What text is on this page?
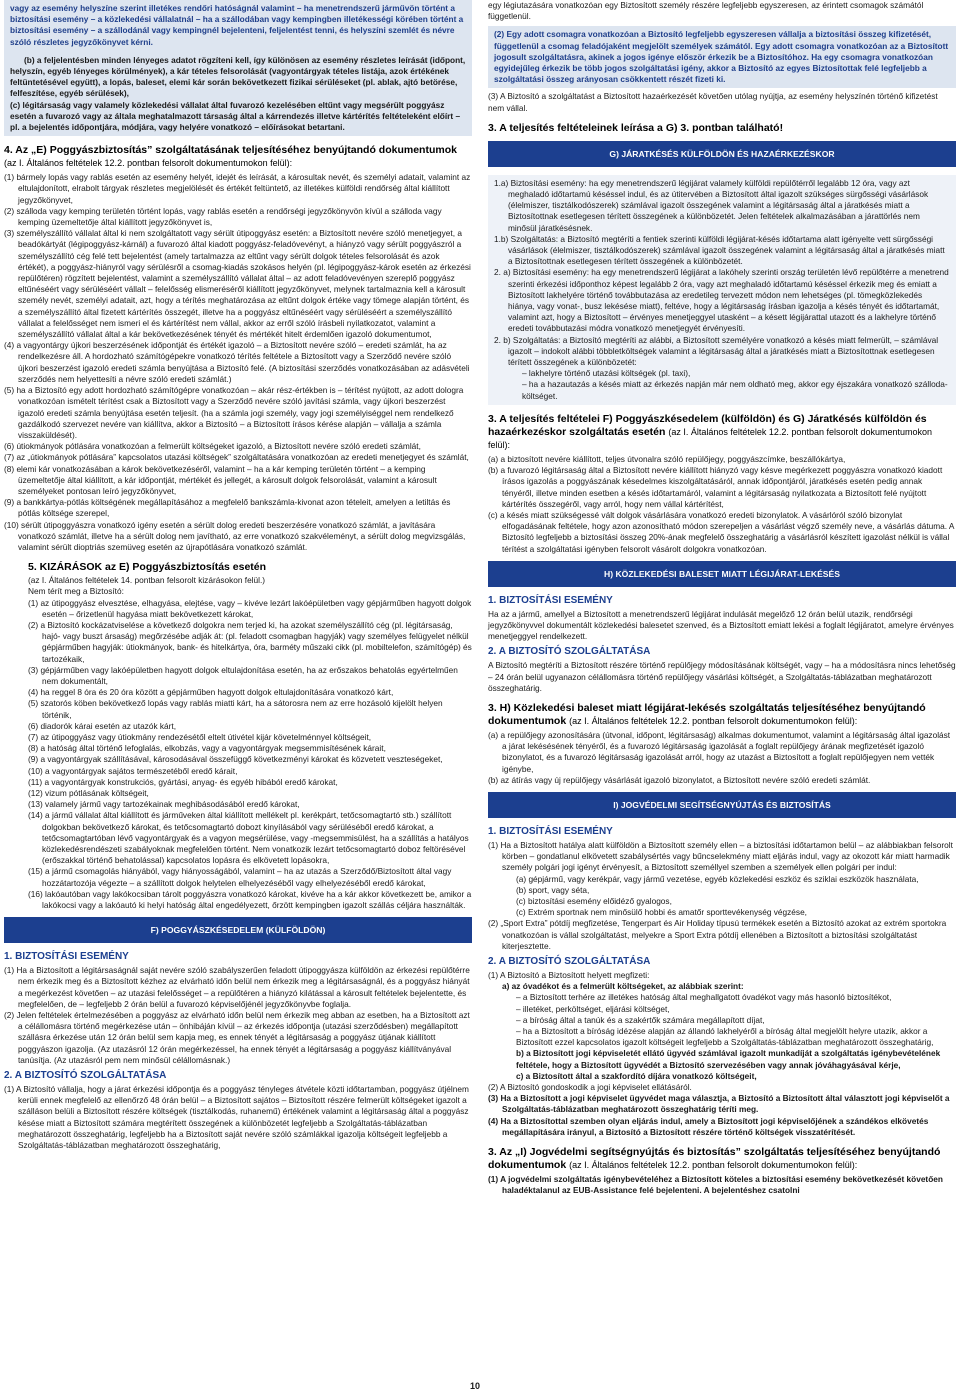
vagy az esemény helyszíne szerint illetékes rendőri hatóságnál valamint – ha menetrendszerű járművön történt a biztosítási esemény – a közlekedési vállalatnál – ha a szállodában vagy kempingben illetékességi körében történt a biztosítási esemény – a szállodánál vagy kempingnél bejelenteni, feljelentést tenni, és helyszíni szemlét és névre szóló részletes jegyzőkönyvet kérni.

(b) a feljelentésben minden lényeges adatot rögzíteni kell, így különösen az esemény részletes leírását (időpont, helyszín, egyéb lényeges körülmények), a kár tételes felsorolását (vagyontárgyak tételes listája, azok értékének feltüntetésével együtt), a lopás, baleset, elemi kár során bekövetkezett fizikai sérüléseket (pl. ablak, ajtó betörése, felfeszítése, egyéb sérülések),

(c) légitársaság vagy valamely közlekedési vállalat által fuvarozó kezelésében eltűnt vagy megsérült poggyász esetén a fuvarozó vagy az általa meghatalmazott társaság által a kárrendezés illetve kártérítés feltételeként előírt – pl. a bejelentés időpontjára, módjára, vagy helyére vonatkozó – előírásokat betartani.

4. Az „E) Poggyászbiztosítás” szolgáltatásának teljesítéséhez benyújtandó dokumentumok (az I. Általános feltételek 12.2. pontban felsorolt dokumentumokon felül):

(1) bármely lopás vagy rablás esetén az esemény helyét, idejét és leírását, a károsultak nevét, és személyi adatait, valamint az eltulajdonított, elrabolt tárgyak részletes megjelölését és értékét feltüntető, az illetékes külföldi rendőrség által kiállított jegyzőkönyvet,

(2) szálloda vagy kemping területén történt lopás, vagy rablás esetén a rendőrségi jegyzőkönyvön kívül a szálloda vagy kemping üzemeltetője által kiállított jegyzőkönyvet is,

(3) személyszállító vállalat által ki nem szolgáltatott vagy sérült útipoggyász esetén: a Biztosított nevére szóló menetjegyet, a beadókártyát (légipoggyász-kárnál) a fuvarozó által kiadott poggyász-feladóvevényt, a hiányzó vagy sérült poggyászról a személyszállító cég felé tett bejelentést (amely tartalmazza az eltűnt vagy sérült dolgok tételes felsorolását és azok értékét), a poggyász-hiányról vagy sérülésről a csomag-kiadás szokásos helyén (pl. légipoggyász-károk esetén az érkezési repülőtéren) rögzített bejelentést, valamint a személyszállító vállalat által – az adott feladóvevényen szereplő poggyász eltűnéséért vagy sérüléséért vállalt – felelősség elismeréséről kiállított jegyzőkönyvet, melynek tartalmaznia kell a károsult személy nevét, személyi adatait, azt, hogy a térítés meghatározása az eltűnt dolgok értéke vagy tömege alapján történt, és a személyszállító által fizetett kártérítés összegét, illetve ha a poggyász eltűnéséért vagy sérüléséért a személyszállító vállalat a felelősséget nem ismeri el és kártérítést nem vállal, akkor az erről szóló írásbeli nyilatkozatot, valamint a személyszállító vállalat által a kár bekövetkezésének tényét és mértékét hitelt érdemlően igazoló dokumentumot,

(4) a vagyontárgy újkori beszerzésének időpontját és értékét igazoló – a Biztosított nevére szóló – eredeti számlát, ha az rendelkezésre áll. A hordozható számítógépekre vonatkozó térítés feltétele a Biztosított vagy a Szerződő nevére szóló újkori beszerzést igazoló eredeti számla benyújtása a Biztosító felé. (A biztosítási szerződés vonatkozásában az adásvételi szerződés nem helyettesíti a névre szóló eredeti számlát.)

(5) ha a Biztosító egy adott hordozható számítógépre vonatkozóan – akár rész-értékben is – térítést nyújtott, az adott dologra vonatkozóan ismételt térítést csak a Biztosított vagy a Szerződő nevére szóló javítási számla, vagy újkori beszerzést igazoló eredeti számla benyújtása esetén teljesít. (ha a számla jogi személy, vagy jogi személyiséggel nem rendelkező gazdálkodó szervezet nevére van kiállítva, akkor a Biztosító – a Biztosított írásos kérése alapján – vállalja a számla visszaküldését).

(6) útiokmányok pótlására vonatkozóan a felmerült költségeket igazoló, a Biztosított nevére szóló eredeti számlát,

(7) az „útiokmányok pótlására” kapcsolatos utazási költségek” szolgáltatására vonatkozóan az eredeti menetjegyet és számlát,

(8) elemi kár vonatkozásában a károk bekövetkezéséről, valamint – ha a kár kemping területén történt – a kemping üzemeltetője által kiállított, a kár időpontját, mértékét és jellegét, a károsult dolgok felsorolását, valamint a károsult személyeket pontosan leíró jegyzőkönyvet,

(9) a bankkártya-pótlás költségének megállapításához a megfelelő bankszámla-kivonat azon tételeit, amelyen a letiltás és pótlás költsége szerepel,

(10) sérült útipoggyászra vonatkozó igény esetén a sérült dolog eredeti beszerzésére vonatkozó számlát, a javítására vonatkozó számlát, illetve ha a sérült dolog nem javítható, az erre vonatkozó szakvéleményt, a sérült dolog megvizsgálás, valamint sérült dioptriás szemüveg esetén az újrapótlására vonatkozó számlát.

5. KIZÁRÁSOK az E) Poggyászbiztosítás esetén

(az I. Általános feltételek 14. pontban felsorolt kizárásokon felül.)

Nem térít meg a Biztosító:

(1) az útipoggyász elvesztése, elhagyása, elejtése, vagy – kivéve lezárt lakóépületben vagy gépjárműben hagyott dolgok esetén – őrizetlenül hagyása miatt bekövetkezett károkat,

(2) a Biztosító kockázatviselése a következő dolgokra nem terjed ki, ha azokat személyszállító cég (pl. légitársaság, hajó- vagy buszt ársaság) megőrzésébe adják át: (pl. feladott csomagban hagyják) vagy személyes felügyelet nélkül gépjárműben hagyják: útiokmányok, bank- és hitelkártya, óra, barméty műszaki cikk (pl. mobiltelefon, számítógép) és tartozékaik,

(3) gépjárműben vagy lakóépületben hagyott dolgok eltulajdonítása esetén, ha az erőszakos behatolás egyértelműen nem dokumentált,

(4) ha reggel 8 óra és 20 óra között a gépjárműben hagyott dolgok eltulajdonítására vonatkozó kárt,

(5) szatorós köben bekövetkező lopás vagy rablás miatti kárt, ha a sátorosra nem az erre hozásoló kijelölt helyen történik,

(6) diadorók kárai esetén az utazók kárt,

(7) az útipoggyász vagy útiokmány rendezésétől eltelt útivétel kijár követelménnyel költségeit,

(8) a hatóság által történő lefoglalás, elkobzás, vagy a vagyontárgyak megsemmisítésének kárait,

(9) a vagyontárgyak szállításával, károsodásával összefüggő következményi károkat és közvetett veszteségeket,

(10) a vagyontárgyak sajátos természetéből eredő kárait,

(11) a vagyontárgyak konstrukciós, gyártási, anyag- és egyéb hibából eredő károkat,

(12) vizum pótlásának költségeit,

(13) valamely jármű vagy tartozékainak meghibásodásából eredő károkat,

(14) a jármű vállalat által kiállított és járműveken által kiállított mellékelt pl. kerékpárt, tetőcsomagtartó stb.) szállított dolgokban bekövetkező károkat, és tetőcsomagtartó dobozt kinyílásából vagy sérüléséből eredő károkat, a tetőcsomagtartóban lévő vagyontárgyak és a vagyon megsérülése, vagy -megsemmisülést, ha a szállítás a hatályos közlekedésrendészeti szabályoknak megfelelően történt. Nem vonatkozik lezárt tetőcsomagtartó doboz feltörésével (erőszakkal történő behatolással) kapcsolatos lopásra és elkövetett lopásokra,

(15) a jármű csomagolás hiányából, vagy hiányosságából, valamint – ha az utazás a Szerződő/Biztosított által vagy hozzátartozója végezte – a szállított dolgok helytelen elhelyezéséből vagy elhelyezéséből eredő károkat,

(16) lakóautóban vagy lakókocsiban tárolt poggyászra vonatkozó károkat, kivéve ha a kár akkor következett be, amikor a lakókocsi vagy a lakóautó ki helyi hatóság által engedélyezett, őrzött kempingben igazolt szállás céljára használták.

F) POGGYÁSZKÉSEDELEM (KÜLFÖLDÖN)

1. BIZTOSÍTÁSI ESEMÉNY

(1) Ha a Biztosított a légitársaságnál saját nevére szóló szabályszerűen feladott útipoggyásza külföldön az érkezési repülőtérre nem érkezik meg és a Biztosított kézhez az elvárható időn belül nem érkezik meg a légitársaságnál, és a poggyász hiányát a megérkezést követően – az utazási felelősséget – a repülőtéren a hiányzó kilátással a károsult feltételek bejelentette, és megfelelően, de – legfeljebb 2 órán belül a fuvarozó képviselőjénél jegyzőkönyvbe foglalja.

(2) Jelen feltételek értelmezésében a poggyász az elvárható időn belül nem érkezik meg abban az esetben, ha a Biztosított azt a célállomásra történő megérkezése után – önhibáján kívül – az érkezés időpontja (utazási szerződésben) megállapított szállásra érkezése után 12 órán belül sem kapja meg, es ennek tényét a légitársaság a poggyász útjának kiállított poggyászon igazolja. (Az utazásról 12 órán megérkezéssel, ha ennek tényét a légitársaság a poggyász kiállítványával tanúsítja. (Az utazásról pem nem minősül célállomásnak.)

2. A BIZTOSÍTÓ SZOLGÁLTATÁSA

(1) A Biztosító vállalja, hogy a járat érkezési időpontja és a poggyász tényleges átvétele közti időtartamban, poggyász útjélnem kerüli ennek megfelelő az ellenőrző 48 órán belül – a Biztosított sajátos – Biztosított részére felmerült költségeket igazolt a szálláson belüli a Biztosított részére költségek (tisztálkodás, ruhanemű) értékének valamint a légitársaság által a poggyász késése miatt a Biztosított számára megtérített összegének a különbözetét legfeljebb a Szolgáltatás-táblázatban meghatározott összeghatárig, legfeljebb ha a Biztosított saját nevére szóló számlákkal igazolja költségeit legfeljebb a Szolgáltatás-táblázatban meghatározott összeghatárig,

egy légiutazására vonatkozóan egy Biztosított személy részére legfeljebb egyszeresen, az érintett csomagok számától függetlenül.

(2) Egy adott csomagra vonatkozóan a Biztosító legfeljebb egyszeresen vállalja a biztosítási összeg kifizetését, függetlenül a csomag feladójaként megjelölt személyek számától. Egy adott csomagra vonatkozóan az a Biztosított jogosult szolgáltatásra, akinek a jogos igénye először érkezik be a Biztosítóhoz. Ha egy csomagra vonatkozóan egyidejűleg érkezik be több jogos szolgáltatási igény, akkor a Biztosító az egyes Biztosítottak felé legfeljebb a szolgáltatási összeg arányosan csökkentett részét fizeti ki.

(3) A Biztosító a szolgáltatást a Biztosított hazaérkezését követően utólag nyújtja, az esemény helyszínén történő kifizetést nem vállal.

3. A teljesítés feltételeinek leírása a G) 3. pontban található!

G) JÁRATKÉSÉS KÜLFÖLDÖN ÉS HAZAÉRKEZÉSKOR

1.a) Biztosítási esemény: ha egy menetrendszerű légijárat valamely külföldi repülőtérről legalább 12 óra, vagy azt meghaladó időtartamú késéssel indul, és az útitervében a Biztosított által igazolt szükséges sürgősségi vásárlások (élelmiszer, tisztálkodószerek) számlával igazolt összegének valamint a légitársaság által a járatkésés miatt a Biztosítottnak esetlegesen térített összegének a különbözetét. Jelen feltételek alkalmazásában a járattörlés nem minősül járatkésésnek.

1.b) Szolgáltatás: a Biztosító megtéríti a fentiek szerinti külföldi légijárat-késés időtartama alatt igényelte vett sürgősségi vásárlások (élelmiszer, tisztálkodószerek) számlával igazolt összegének valamint a légitársaság által a járatkésés miatt a Biztosítottnak esetlegesen térített összegének a különbözetét.

2. a) Biztosítási esemény: ha egy menetrendszerű légijárat a lakóhely szerinti ország területén lévő repülőtérre a menetrend szerinti érkezési időponthoz képest legalább 2 óra, vagy azt meghaladó időtartamú késéssel érkezik meg és emiatt a Biztosított lakhelyére történő továbbutazása az eredetileg tervezett módon nem lehetséges (pl. tömegközlekedés hiánya, vagy vonat-, busz lekésése miatt), feltéve, hogy a légitársaság írásban igazolja a késés tényét és időtartamát, valamint azt, hogy a Biztosított – érvényes menetjeggyel utasként – a késett légijárattal utazott és a lakhelyre történő eredeti továbbutazási módra vonatkozó menetjegyét érvényesíti.

2. b) Szolgáltatás: a Biztosító megtéríti az alábbi, a Biztosított személyére vonatkozó a késés miatt felmerült, – számlával igazolt – indokolt alábbi többletköltségek valamint a légitársaság által a járatkésés miatt a Biztosítottnak esetlegesen térített összegének a különbözetét:

– lakhelyre történő utazási költségek (pl. taxi),

– ha a hazautazás a késés miatt az érkezés napján már nem oldható meg, akkor egy éjszakára vonatkozó szálloda-költséget.

3. A teljesítés feltételei F) Poggyászkésedelem (külföldön) és G) Járatkésés külföldön és hazaérkezéskor szolgáltatás esetén (az I. Általános feltételek 12.2. pontban felsorolt dokumentumokon felül):

(a) a biztosított nevére kiállított, teljes útvonalra szóló repülőjegy, poggyászcímke, beszállókártya,

(b) a fuvarozó légitársaság által a Biztosított nevére kiállított hiányzó vagy késve megérkezett poggyászra vonatkozó kiadott írásos igazolás a poggyászának késedelmes kiszolgáltatásáról, annak időpontjáról, járatkésés esetén pedig annak tényéről, illetve minden esetben a késés időtartamáról, valamint a légitársaság nyilatkozata a Biztosított felé nyújtott kártérítés összegéről, vagy arról, hogy nem vállal kártérítést,

(c) a késés miatt szükségessé vált dolgok vásárlására vonatkozó eredeti bizonylatok. A vásárlóról szóló bizonylat elfogadásának feltétele, hogy azon azonosítható módon szerepeljen a vásárlást végző személy neve, a vásárlás dátuma. A Biztosító legfeljebb a biztosítási összeg 20%-ának megfelelő összeghatárig a vásárlásról készített igazolást nélkül is vállal térítést a szolgáltatási igényben felsorolt vásárolt dolgokra vonatkozóan.

H) KÖZLEKEDÉSI BALESET MIATT LÉGIJÁRAT-LEKÉSÉS

1. BIZTOSÍTÁSI ESEMÉNY

Ha az a jármű, amellyel a Biztosított a menetrendszerű légijárat indulását megelőző 12 órán belül utazik, rendőrségi jegyzőkönyvvel dokumentált közlekedési balesetet szenved, és a Biztosított emiatt lekési a foglalt légijáratot, amelyre érvényes menetjeggyel rendelkezett.

2. A BIZTOSÍTÓ SZOLGÁLTATÁSA

A Biztosító megtéríti a Biztosított részére történő repülőjegy módosításának költségét, vagy – ha a módosításra nincs lehetőség – 24 órán belül ugyanazon célállomásra történő repülőjegy vásárlási költségét, a Szolgáltatás-táblázatban meghatározott összeghatárig.

3. H) Közlekedési baleset miatt légijárat-lekésés szolgáltatás teljesítéséhez benyújtandó dokumentumok (az I. Általános feltételek 12.2. pontban felsorolt dokumentumokon felül):

(a) a repülőjegy azonosítására (útvonal, időpont, légitársaság) alkalmas dokumentumot, valamint a légitársaság által igazolást a járat lekésésének tényéről, és a fuvarozó légitársaság igazolását a foglalt repülőjegy árának megfizetését igazoló bizonylatot, és a fuvarozó légitársaság igazolását arról, hogy az utazást a Biztosított a foglalt repülőjegyen nem vették igénybe,

(b) az átírás vagy új repülőjegy vásárlását igazoló bizonylatot, a Biztosított nevére szóló eredeti számlát.

I) JOGVÉDELMI SEGÍTSÉGNYÚJTÁS ÉS BIZTOSÍTÁS

1. BIZTOSÍTÁSI ESEMÉNY

(1) Ha a Biztosított hatálya alatt külföldön a Biztosított személy ellen – a biztosítási időtartamon belül – az alábbiakban felsorolt körben – gondatlanul elkövetett szabálysértés vagy bűncselekmény miatt eljárás indul, vagy az okozott kár miatt harmadik személy polgári jogi igényt érvényesít, a Biztosított személlyel szemben a személyek ellen polgári per indul:

(a) gépjármű, vagy kerékpár, vagy jármű vezetése, egyéb közlekedési eszköz és sziklai eszközök használata,

(b) sport, vagy séta,

(c) biztosítási esemény előidéző gyalogos,

(c) Extrém sportnak nem minősülő hobbi és amatőr sporttevékenység végzése,

(2) „Sport Extra” pótdíj megfizetése, Tengerpart és Air Holiday típusú termékek esetén a Biztosító azokat az extrém sportokra vonatkozóan is vállal szolgáltatást, melyekre a Sport Extra pótdíj ellenében a Biztosított a biztosítási szolgáltatást kiterjesztette.

2. A BIZTOSÍTÓ SZOLGÁLTATÁSA

(1) A Biztosító a Biztosított helyett megfizeti:

a) az óvadékot és a felmerült költségeket, az alábbiak szerint:

– a Biztosított terhére az illetékes hatóság által meghallgatott óvadékot vagy más hasonló biztosítékot,

– illetéket, perköltséget, eljárási költséget,

– a bíróság által a tanúk és a szakértők számára megállapított díjat,

– ha a Biztosított a bíróság idézése alapján az állandó lakhelyéről a bíróság által megjelölt helyre utazik, akkor a Biztosított ezzel kapcsolatos igazolt költségeit legfeljebb a Szolgáltatás-táblázatban meghatározott összeghatárig,

b) a Biztosított jogi képviseletét ellátó ügyvéd számlával igazolt munkadíját a szolgáltatás igénybevételének feltétele, hogy a Biztosított ügyvédét a Biztosító szervezésében vagy annak jóváhagyásával kérje,

c) a Biztosított által a szakfordító díjára vonatkozó költségeit,

(2) A Biztosító gondoskodik a jogi képviselet ellátásáról.

(3) Ha a Biztosított a jogi képviselet ügyvédet maga választja, a Biztosító a Biztosított által választott jogi képviselőt a Szolgáltatás-táblázatban meghatározott összeghatárig téríti meg.

(4) Ha a Biztosítottal szemben olyan eljárás indul, amely a Biztosított jogi képviselőjének a szándékos elkövetés megállapítására irányul, a Biztosító a Biztosított részére történő költségek visszatérítését.

3. Az „I) Jogvédelmi segítségnyújtás és biztosítás” szolgáltatás teljesítéséhez benyújtandó dokumentumok (az I. Általános feltételek 12.2. pontban felsorolt dokumentumokon felül):

(1) A jogvédelmi szolgáltatás igénybevételéhez a Biztosított köteles a biztosítási esemény bekövetkezését követően haladéktalanul az EUB-Assistance felé bejelenteni. A bejelentéshez csatolni

10
